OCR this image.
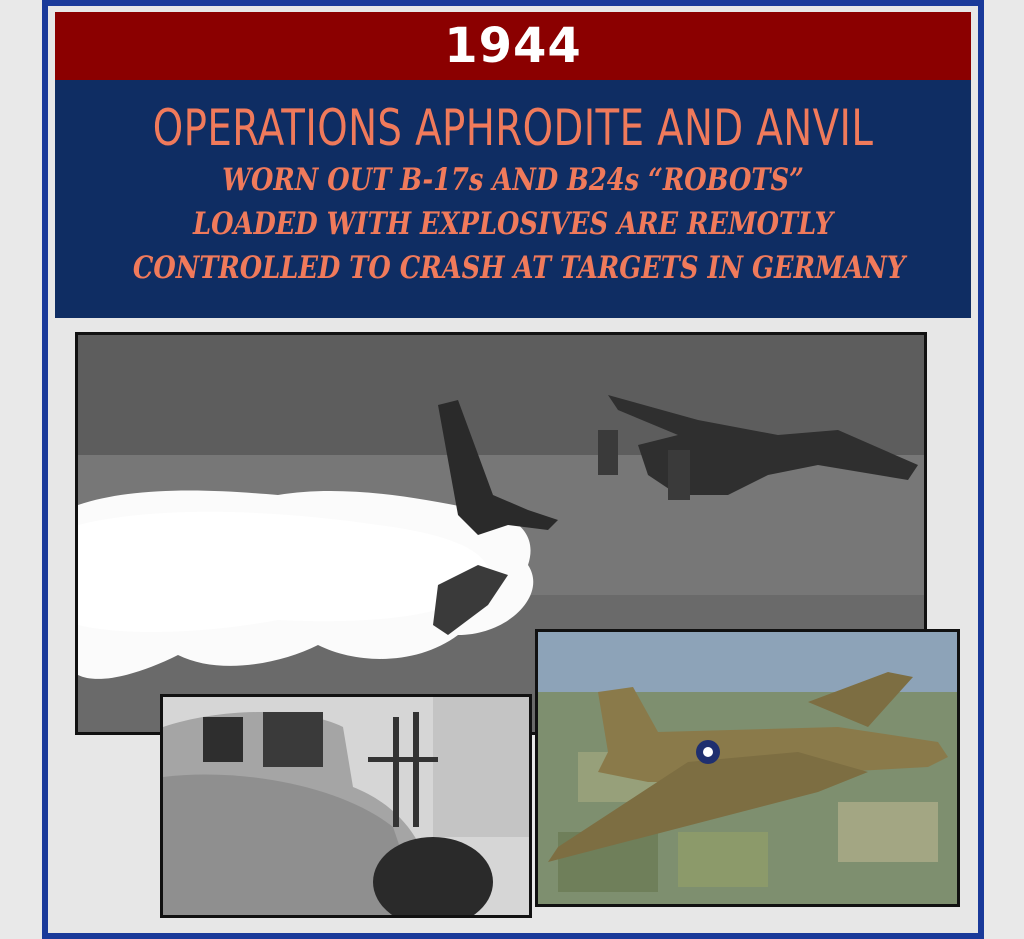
1944
OPERATIONS APHRODITE AND ANVIL
WORN OUT B-17s AND B24s “ROBOTS”
LOADED WITH EXPLOSIVES ARE REMOTLY
CONTROLLED TO CRASH AT TARGETS IN GERMANY
